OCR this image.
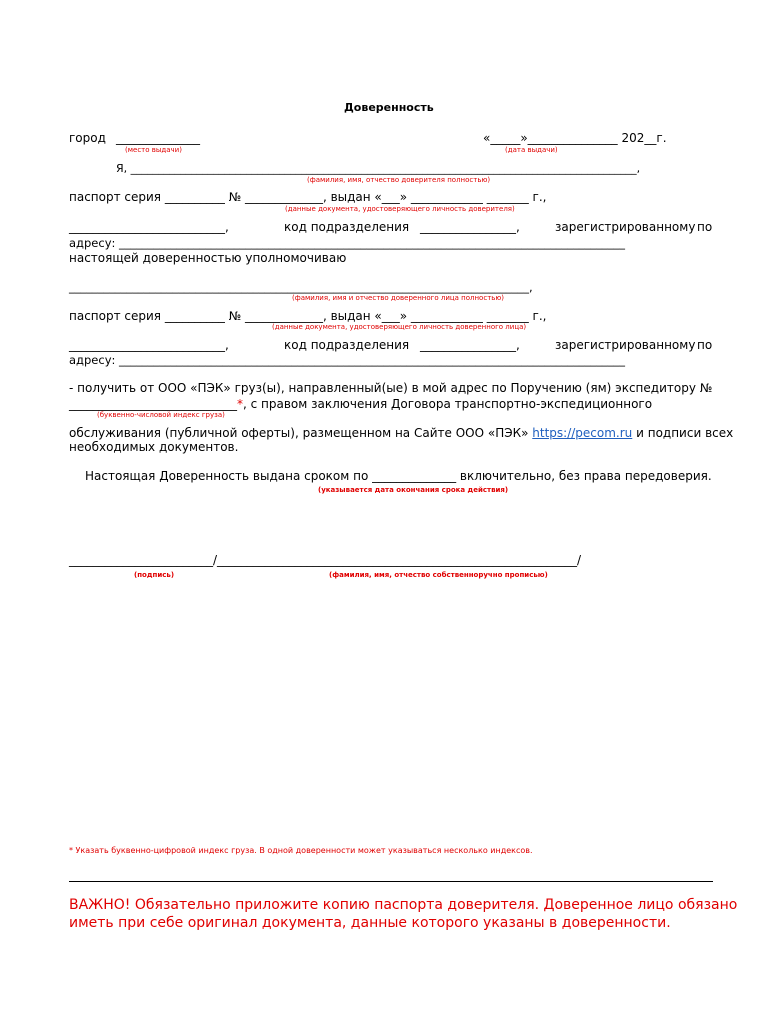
Доверенность
город ______________
(место выдачи)
«_____»_______________ 202__г.
(дата выдачи)
Я, ____________________________________________________________________________________________,
(фамилия, имя, отчество доверителя полностью)
паспорт серия __________ № _____________, выдан «___» ____________ _______ г.,
(данные документа, удостоверяющего личность доверителя)
__________________________,	код подразделения ________________,	зарегистрированному по
адресу: ________________________________________________________________________________________
настоящей доверенностью уполномочиваю
________________________________________________________________________________,
(фамилия, имя и отчество доверенного лица полностью)
паспорт серия __________ № _____________, выдан «___» ____________ _______ г.,
(данные документа, удостоверяющего личность доверенного лица)
__________________________,	код подразделения ________________,	зарегистрированному по
адресу: ________________________________________________________________________________________
- получить от ООО «ПЭК» груз(ы), направленный(ые) в мой адрес по Поручению (ям) экспедитору №
____________________________*, с правом заключения Договора транспортно-экспедиционного
(буквенно-числовой индекс груза)
обслуживания (публичной оферты), размещенном на Сайте ООО «ПЭК» https://pecom.ru и подписи всех
необходимых документов.
Настоящая Доверенность выдана сроком по ______________ включительно, без права передоверия.
(указывается дата окончания срока действия)
________________________/____________________________________________________________/
(подпись)	(фамилия, имя, отчество собственноручно прописью)
* Указать буквенно-цифровой индекс груза. В одной доверенности может указываться несколько индексов.
ВАЖНО! Обязательно приложите копию паспорта доверителя. Доверенное лицо обязано
иметь при себе оригинал документа, данные которого указаны в доверенности.
